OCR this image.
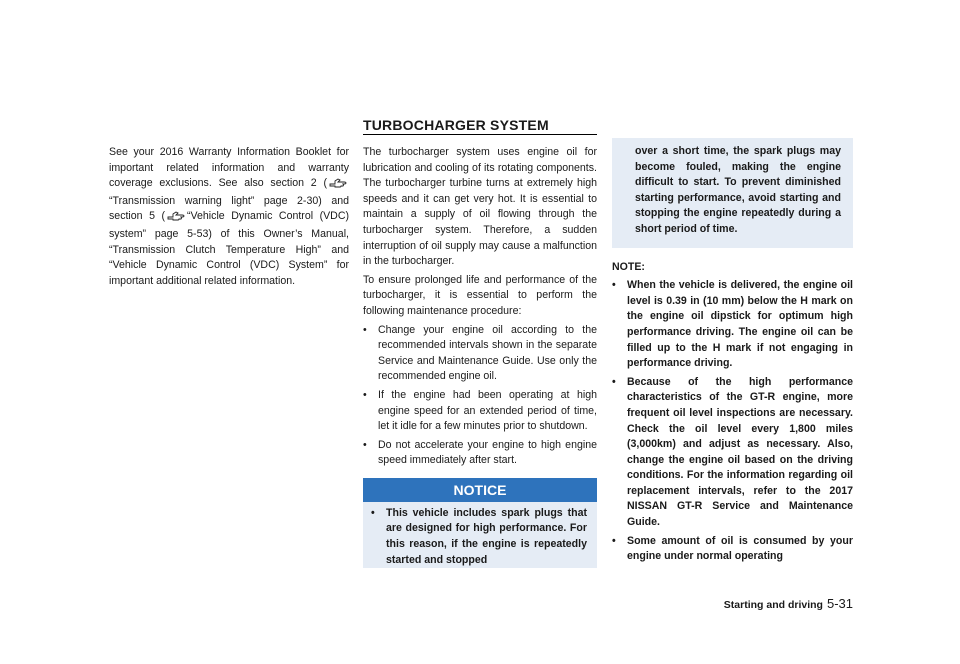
See your 2016 Warranty Information Booklet for important related information and warranty coverage exclusions. See also section 2 (“Transmission warning light” page 2-30) and section 5 ( “Vehicle Dynamic Control (VDC) system” page 5-53) of this Owner’s Manual, “Transmission Clutch Temperature High” and “Vehicle Dynamic Control (VDC) System” for important additional related information.

TURBOCHARGER SYSTEM

The turbocharger system uses engine oil for lubrication and cooling of its rotating components. The turbocharger turbine turns at extremely high speeds and it can get very hot. It is essential to maintain a supply of oil flowing through the turbocharger system. Therefore, a sudden interruption of oil supply may cause a malfunction in the turbocharger.

To ensure prolonged life and performance of the turbocharger, it is essential to perform the following maintenance procedure:

• Change your engine oil according to the recommended intervals shown in the separate Service and Maintenance Guide. Use only the recommended engine oil.
• If the engine had been operating at high engine speed for an extended period of time, let it idle for a few minutes prior to shutdown.
• Do not accelerate your engine to high engine speed immediately after start.
NOTICE
• This vehicle includes spark plugs that are designed for high performance. For this reason, if the engine is repeatedly started and stopped

over a short time, the spark plugs may become fouled, making the engine difficult to start. To prevent diminished starting performance, avoid starting and stopping the engine repeatedly during a short period of time.

NOTE:
• When the vehicle is delivered, the engine oil level is 0.39 in (10 mm) below the H mark on the engine oil dipstick for optimum high performance driving. The engine oil can be filled up to the H mark if not engaging in performance driving.
• Because of the high performance characteristics of the GT-R engine, more frequent oil level inspections are necessary. Check the oil level every 1,800 miles (3,000km) and adjust as necessary. Also, change the engine oil based on the driving conditions. For the information regarding oil replacement intervals, refer to the 2017 NISSAN GT-R Service and Maintenance Guide.
• Some amount of oil is consumed by your engine under normal operating
Starting and driving 5-31
